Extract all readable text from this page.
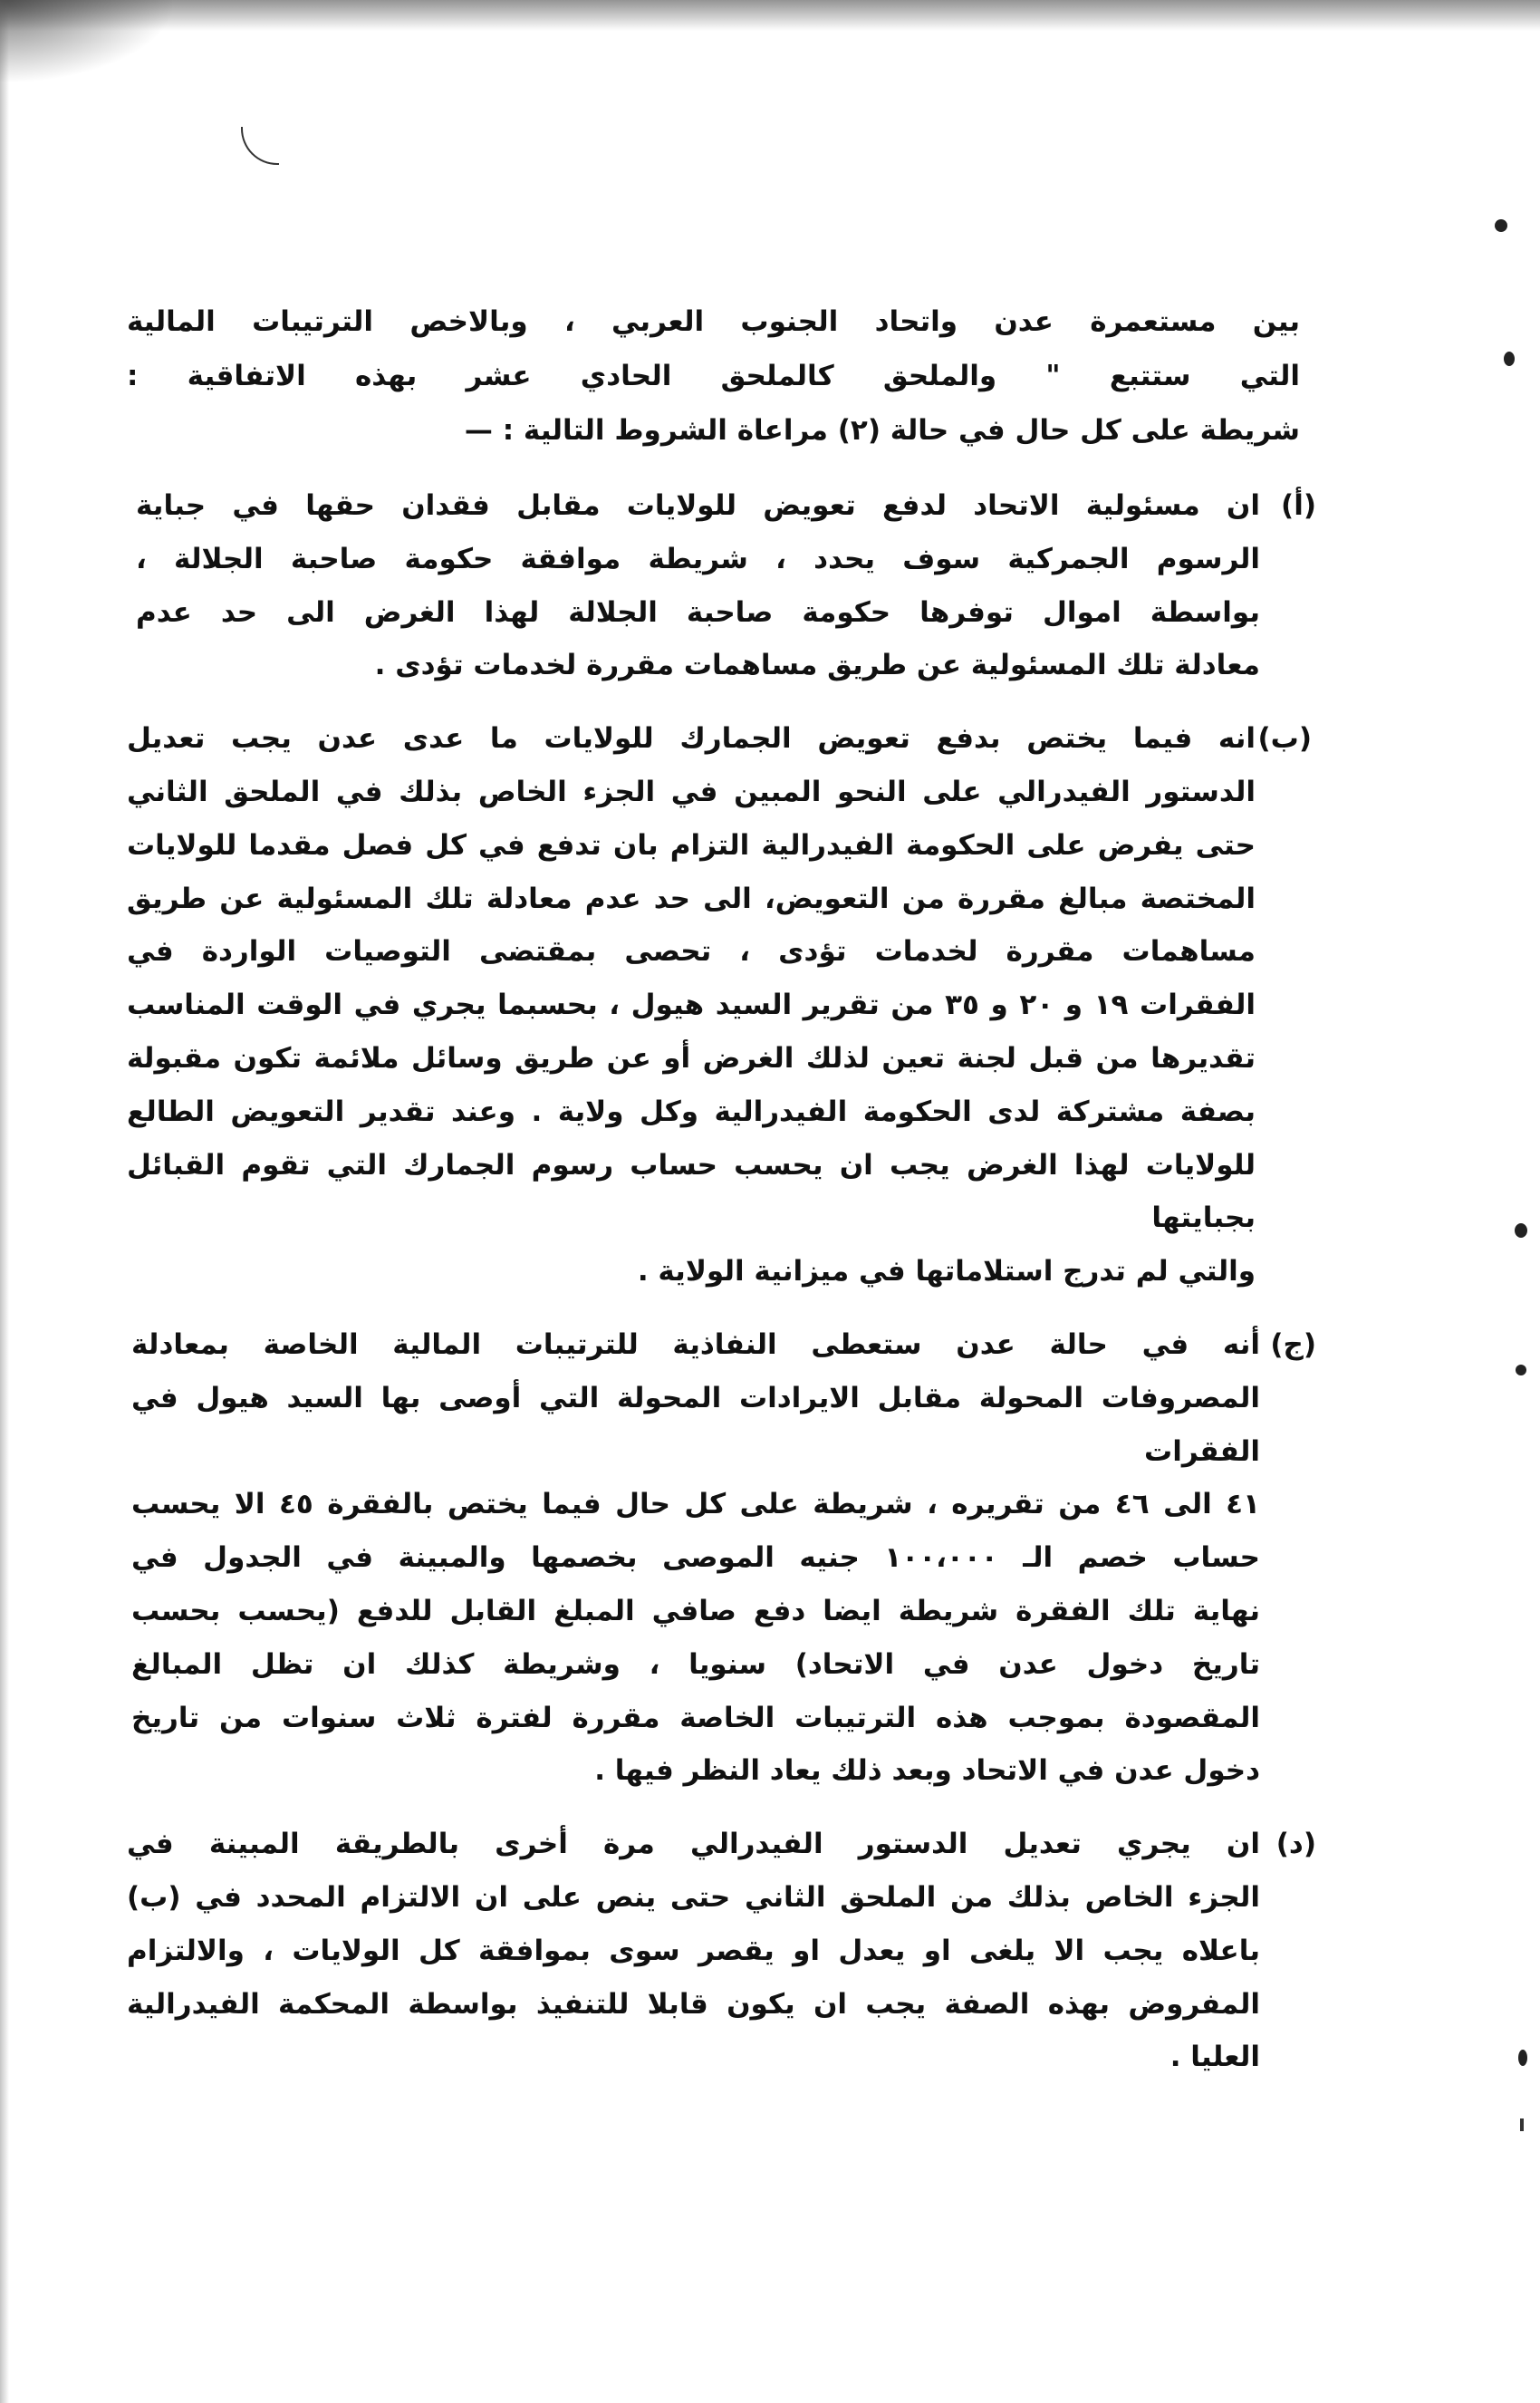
بين مستعمرة عدن واتحاد الجنوب العربي ، وبالاخص الترتيبات المالية

التي ستتبع " والملحق كالملحق الحادي عشر بهذه الاتفاقية :

شريطة على كل حال في حالة (٢) مراعاة الشروط التالية : —

(أ)

ان مسئولية الاتحاد لدفع تعويض للولايات مقابل فقدان حقها في جباية

الرسوم الجمركية سوف يحدد ، شريطة موافقة حكومة صاحبة الجلالة ،

بواسطة اموال توفرها حكومة صاحبة الجلالة لهذا الغرض الى حد عدم

معادلة تلك المسئولية عن طريق مساهمات مقررة لخدمات تؤدى .

(ب)

انه فيما يختص بدفع تعويض الجمارك للولايات ما عدى عدن يجب تعديل

الدستور الفيدرالي على النحو المبين في الجزء الخاص بذلك في الملحق الثاني

حتى يفرض على الحكومة الفيدرالية التزام بان تدفع في كل فصل مقدما للولايات

المختصة مبالغ مقررة من التعويض، الى حد عدم معادلة تلك المسئولية عن طريق

مساهمات مقررة لخدمات تؤدى ، تحصى بمقتضى التوصيات الواردة في

الفقرات ١٩ و ٢٠ و ٣٥ من تقرير السيد هيول ، بحسبما يجري في الوقت المناسب

تقديرها من قبل لجنة تعين لذلك الغرض أو عن طريق وسائل ملائمة تكون مقبولة

بصفة مشتركة لدى الحكومة الفيدرالية وكل ولاية . وعند تقدير التعويض الطالع

للولايات لهذا الغرض يجب ان يحسب حساب رسوم الجمارك التي تقوم القبائل بجبايتها

والتي لم تدرج استلاماتها في ميزانية الولاية .

(ج)

أنه في حالة عدن ستعطى النفاذية للترتيبات المالية الخاصة بمعادلة

المصروفات المحولة مقابل الايرادات المحولة التي أوصى بها السيد هيول في الفقرات

٤١ الى ٤٦ من تقريره ، شريطة على كل حال فيما يختص بالفقرة ٤٥ الا يحسب

حساب خصم الـ ١٠٠،٠٠٠ جنيه الموصى بخصمها والمبينة في الجدول في

نهاية تلك الفقرة شريطة ايضا دفع صافي المبلغ القابل للدفع (يحسب بحسب

تاريخ دخول عدن في الاتحاد) سنويا ، وشريطة كذلك ان تظل المبالغ

المقصودة بموجب هذه الترتيبات الخاصة مقررة لفترة ثلاث سنوات من تاريخ

دخول عدن في الاتحاد وبعد ذلك يعاد النظر فيها .

(د)

ان يجري تعديل الدستور الفيدرالي مرة أخرى بالطريقة المبينة في

الجزء الخاص بذلك من الملحق الثاني حتى ينص على ان الالتزام المحدد في (ب)

باعلاه يجب الا يلغى او يعدل او يقصر سوى بموافقة كل الولايات ، والالتزام

المفروض بهذه الصفة يجب ان يكون قابلا للتنفيذ بواسطة المحكمة الفيدرالية

العليا .
